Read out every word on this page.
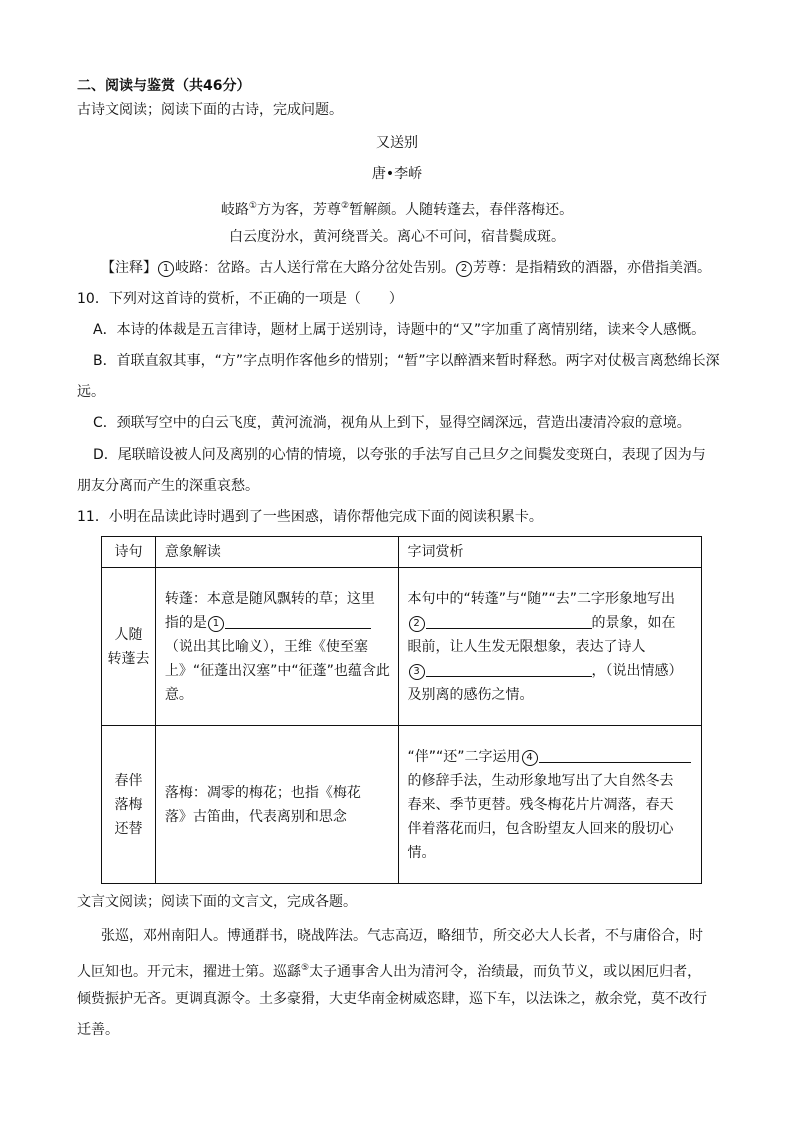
二、阅读与鉴赏（共46分）
古诗文阅读；阅读下面的古诗，完成问题。
又送别
唐•李峤
岐路①方为客，芳尊②暂解颜。人随转蓬去，春伴落梅还。
白云度汾水，黄河绕晋关。离心不可问，宿昔鬓成斑。
【注释】 1 岐路：岔路。古人送行常在大路分岔处告别。 2 芳尊：是指精致的酒器，亦借指美酒。
10．下列对这首诗的赏析，不正确的一项是（　　）
A．本诗的体裁是五言律诗，题材上属于送别诗，诗题中的“又”字加重了离情别绪，读来令人感慨。
B．首联直叙其事，“方”字点明作客他乡的惜别；“暂”字以醉酒来暂时释愁。两字对仗极言离愁绵长深
远。
C．颈联写空中的白云飞度，黄河流淌，视角从上到下，显得空阔深远，营造出凄清冷寂的意境。
D．尾联暗设被人问及离别的心情的情境，以夸张的手法写自己旦夕之间鬓发变斑白，表现了因为与
朋友分离而产生的深重哀愁。
11．小明在品读此诗时遇到了一些困惑，请你帮他完成下面的阅读积累卡。
诗句	意象解读	字词赏析

人随
转蓬去	转蓬：本意是随风飘转的草；这里
指的是 1
（说出其比喻义），王维《使至塞
上》“征蓬出汉塞”中“征蓬”也蕴含此
意。	本句中的“转蓬”与“随”“去”二字形象地写出
2 的景象，如在
眼前，让人生发无限想象，表达了诗人
3 ，（说出情感）
及别离的感伤之情。

春伴
落梅
还替	落梅：凋零的梅花；也指《梅花
落》古笛曲，代表离别和思念	“伴”“还”二字运用 4
的修辞手法，生动形象地写出了大自然冬去
春来、季节更替。残冬梅花片片凋落，春天
伴着落花而归，包含盼望友人回来的殷切心
情。
文言文阅读；阅读下面的文言文，完成各题。
张巡，邓州南阳人。博通群书，晓战阵法。气志高迈，略细节，所交必大人长者，不与庸俗合，时
人叵知也。开元末，擢进士第。巡繇⑤太子通事舍人出为清河令，治绩最，而负节义，或以困厄归者，
倾赀振护无吝。更调真源令。土多豪猾，大吏华南金树威恣肆，巡下车，以法诛之，赦余党，莫不改行
迁善。
